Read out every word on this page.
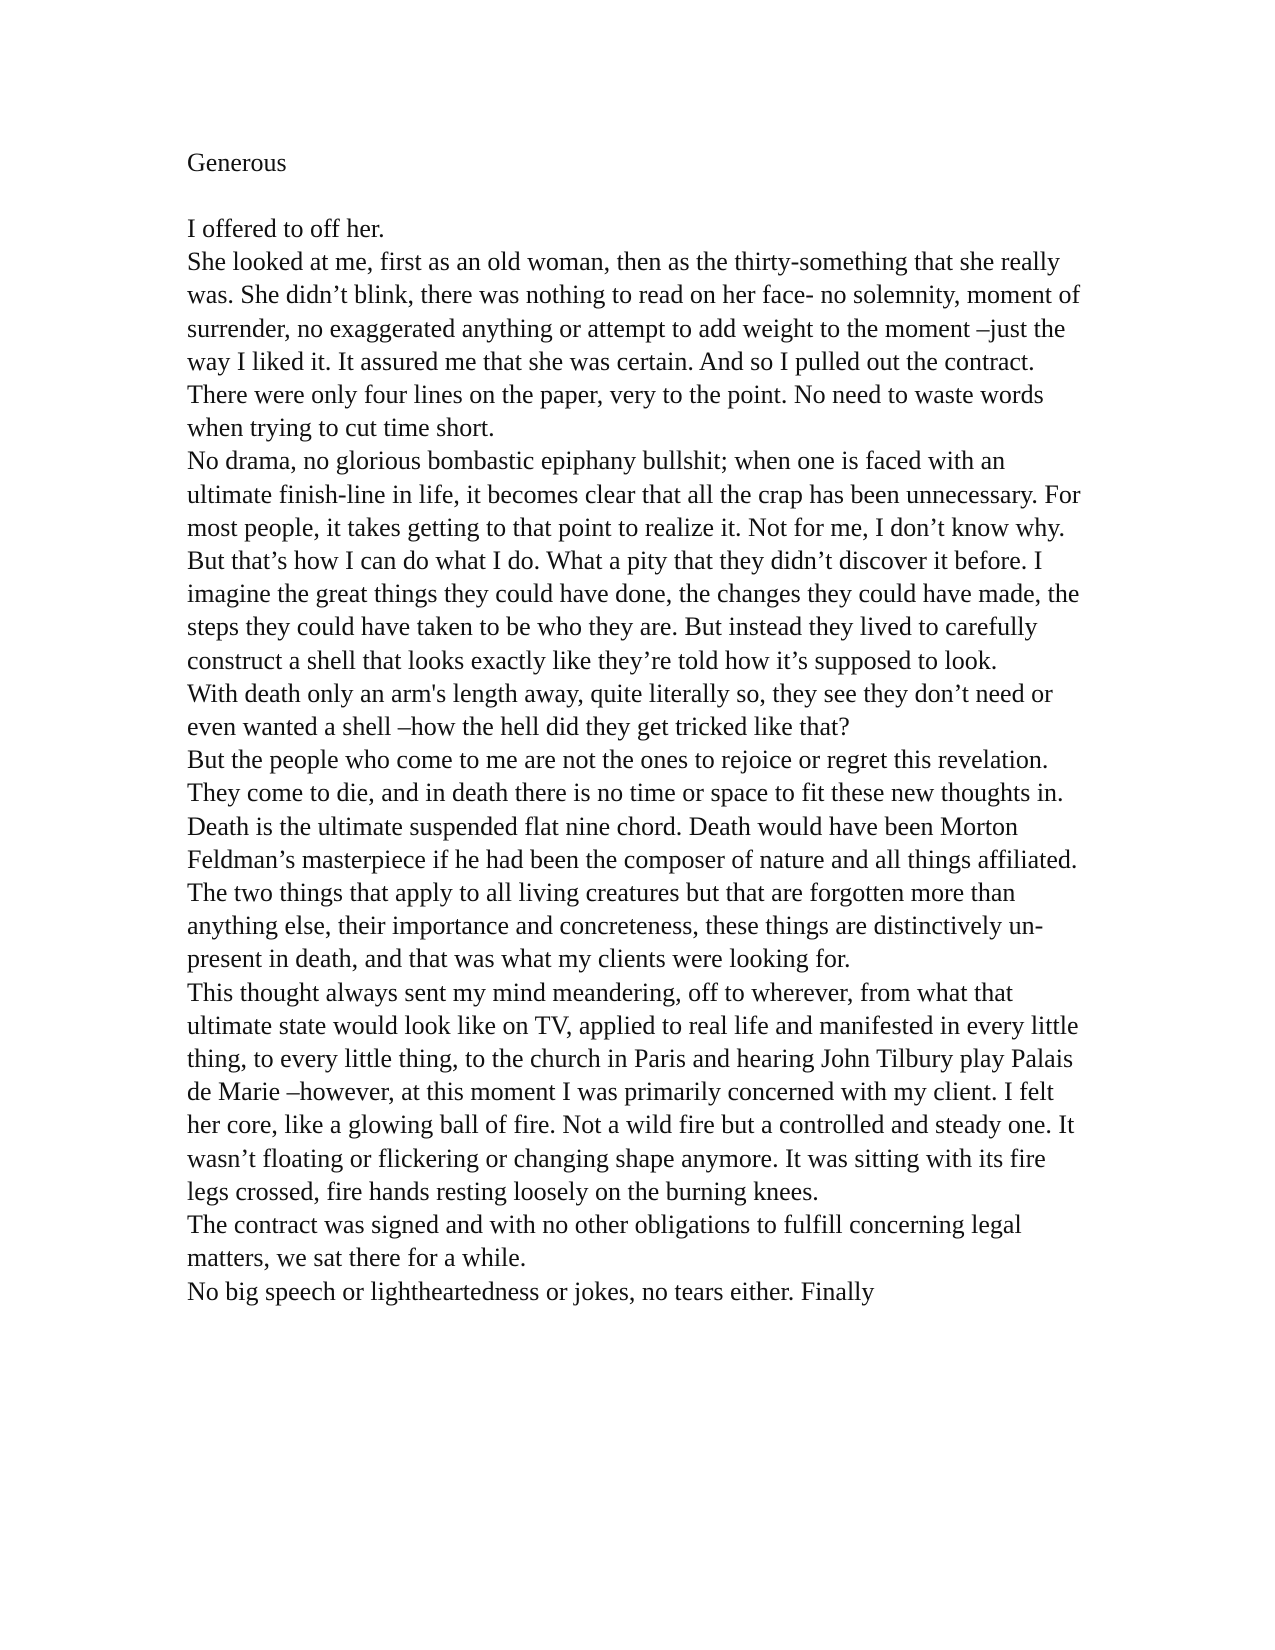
Generous

I offered to off her.

She looked at me, first as an old woman, then as the thirty-something that she really was. She didn’t blink, there was nothing to read on her face- no solemnity, moment of surrender, no exaggerated anything or attempt to add weight to the moment –just the way I liked it. It assured me that she was certain. And so I pulled out the contract. There were only four lines on the paper, very to the point. No need to waste words when trying to cut time short.

No drama, no glorious bombastic epiphany bullshit; when one is faced with an ultimate finish-line in life, it becomes clear that all the crap has been unnecessary. For most people, it takes getting to that point to realize it. Not for me, I don’t know why. But that’s how I can do what I do. What a pity that they didn’t discover it before. I imagine the great things they could have done, the changes they could have made, the steps they could have taken to be who they are. But instead they lived to carefully construct a shell that looks exactly like they’re told how it’s supposed to look.

With death only an arm's length away, quite literally so, they see they don’t need or even wanted a shell –how the hell did they get tricked like that?

But the people who come to me are not the ones to rejoice or regret this revelation. They come to die, and in death there is no time or space to fit these new thoughts in. Death is the ultimate suspended flat nine chord. Death would have been Morton Feldman’s masterpiece if he had been the composer of nature and all things affiliated.

The two things that apply to all living creatures but that are forgotten more than anything else, their importance and concreteness, these things are distinctively un-present in death, and that was what my clients were looking for.

This thought always sent my mind meandering, off to wherever, from what that ultimate state would look like on TV, applied to real life and manifested in every little thing, to every little thing, to the church in Paris and hearing John Tilbury play Palais de Marie –however, at this moment I was primarily concerned with my client. I felt her core, like a glowing ball of fire. Not a wild fire but a controlled and steady one. It wasn’t floating or flickering or changing shape anymore. It was sitting with its fire legs crossed, fire hands resting loosely on the burning knees.

The contract was signed and with no other obligations to fulfill concerning legal matters, we sat there for a while.

No big speech or lightheartedness or jokes, no tears either. Finally
